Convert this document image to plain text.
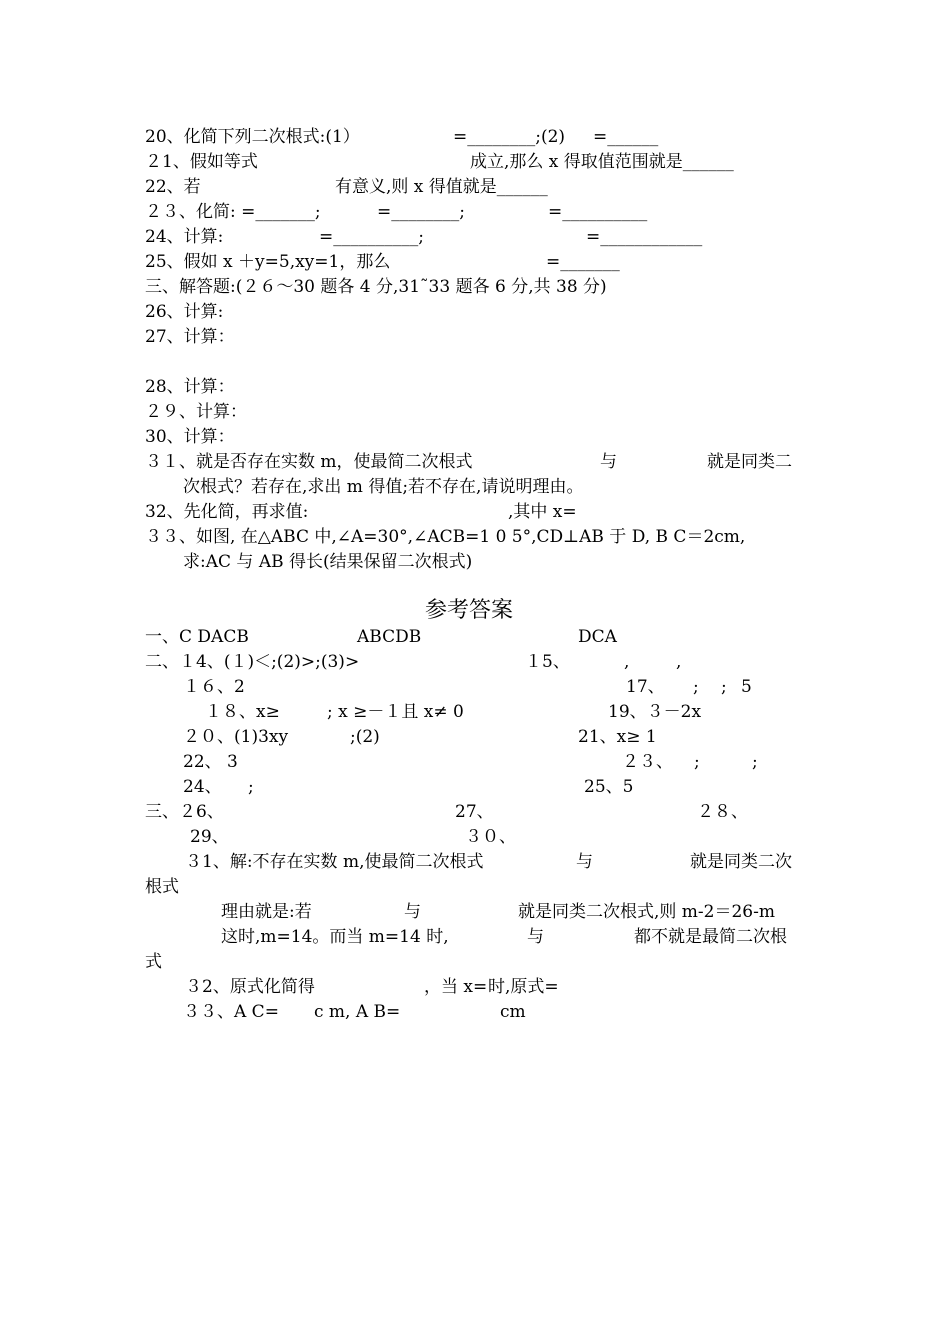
20、化简下列二次根式:(1）	=________;(2) =______
２1、假如等式	成立,那么 x 得取值范围就是______
22、若	有意义,则 x 得值就是______
２３、化简: =_______;	=________;	=__________
24、计算:	=__________;	=____________
25、假如 x ＋y=5,xy=1，那么	=_______
三、解答题:(２６～30 题各 4 分,31˜33 题各 6 分,共 38 分)
26、计算:
27、计算：
28、计算：
２９、计算：
30、计算：
３１、就是否存在实数 m，使最简二次根式	与	就是同类二
次根式？若存在,求出 m 得值;若不存在,请说明理由。
32、先化简，再求值:	,其中 x=
３３、如图, 在△ABC 中,∠A=30°,∠ACB=1 0 5°,CD⊥AB 于 D, B C＝2cm,
求:AC 与 AB 得长(结果保留二次根式)
参考答案
一、C DACB	ABCDB	DCA
二、１4、(１)＜;(2)>;(3)>	１5、	,	,
１６、2	17、 ; ; 5
１８、x≥	; x ≥－１且 x≠ 0	19、３－2x
２０、(1)3xy	;(2)	21、x≥ 1
22、 3	２３、 ;	;
24、 ;	25、5
三、２6、	27、	２８、
29、	３０、
３1、解:不存在实数 m,使最简二次根式	与	就是同类二次
根式
理由就是:若	与	就是同类二次根式,则 m-2＝26-m
这时,m=14。而当 m=14 时,	与	都不就是最简二次根
式
３2、原式化简得	，当 x= 时,原式=
３３、A C= c m, A B=	cm
